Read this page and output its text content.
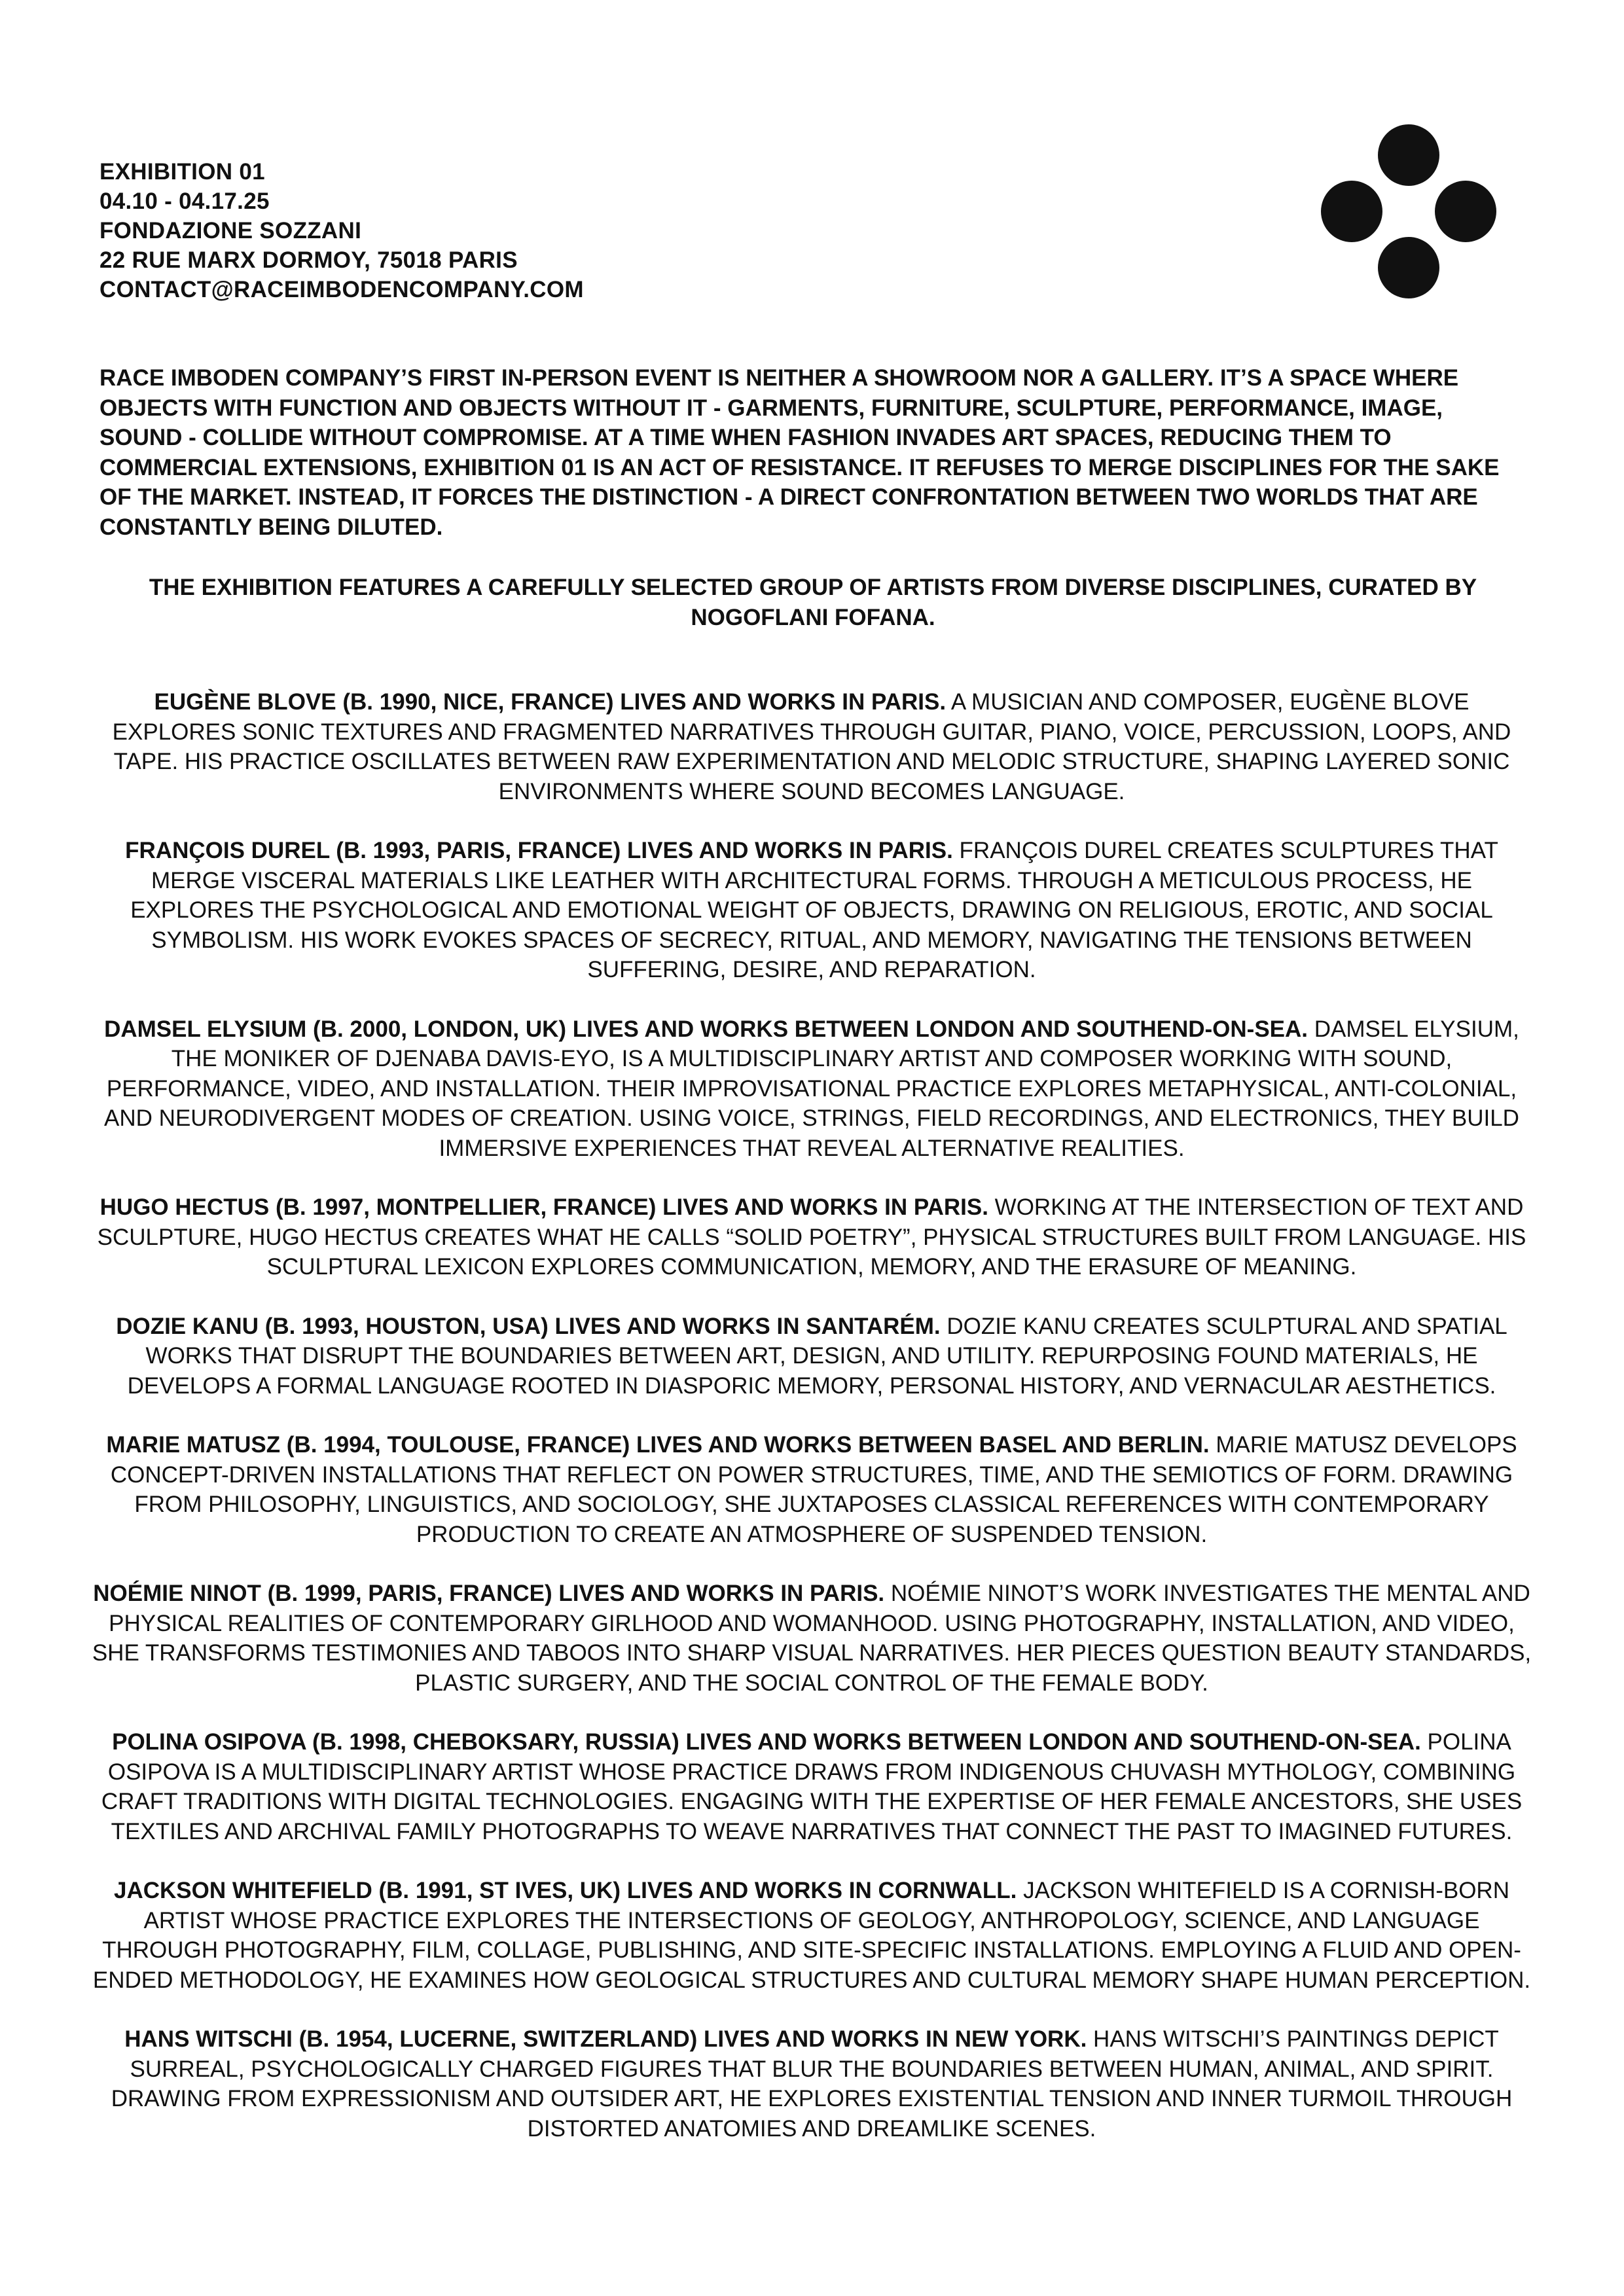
EXHIBITION 01

04.10 - 04.17.25

FONDAZIONE SOZZANI

22 RUE MARX DORMOY, 75018 PARIS

CONTACT@RACEIMBODENCOMPANY.COM

RACE IMBODEN COMPANY’S FIRST IN-PERSON EVENT IS NEITHER A SHOWROOM NOR A GALLERY. IT’S A SPACE WHERE OBJECTS WITH FUNCTION AND OBJECTS WITHOUT IT - GARMENTS, FURNITURE, SCULPTURE, PERFORMANCE, IMAGE, SOUND - COLLIDE WITHOUT COMPROMISE. AT A TIME WHEN FASHION INVADES ART SPACES, REDUCING THEM TO COMMERCIAL EXTENSIONS, EXHIBITION 01 IS AN ACT OF RESISTANCE. IT REFUSES TO MERGE DISCIPLINES FOR THE SAKE OF THE MARKET. INSTEAD, IT FORCES THE DISTINCTION - A DIRECT CONFRONTATION BETWEEN TWO WORLDS THAT ARE CONSTANTLY BEING DILUTED.

THE EXHIBITION FEATURES A CAREFULLY SELECTED GROUP OF ARTISTS FROM DIVERSE DISCIPLINES, CURATED BY NOGOFLANI FOFANA.

EUGÈNE BLOVE (B. 1990, NICE, FRANCE) LIVES AND WORKS IN PARIS. A MUSICIAN AND COMPOSER, EUGÈNE BLOVE EXPLORES SONIC TEXTURES AND FRAGMENTED NARRATIVES THROUGH GUITAR, PIANO, VOICE, PERCUSSION, LOOPS, AND TAPE. HIS PRACTICE OSCILLATES BETWEEN RAW EXPERIMENTATION AND MELODIC STRUCTURE, SHAPING LAYERED SONIC ENVIRONMENTS WHERE SOUND BECOMES LANGUAGE.

FRANÇOIS DUREL (B. 1993, PARIS, FRANCE) LIVES AND WORKS IN PARIS. FRANÇOIS DUREL CREATES SCULPTURES THAT MERGE VISCERAL MATERIALS LIKE LEATHER WITH ARCHITECTURAL FORMS. THROUGH A METICULOUS PROCESS, HE EXPLORES THE PSYCHOLOGICAL AND EMOTIONAL WEIGHT OF OBJECTS, DRAWING ON RELIGIOUS, EROTIC, AND SOCIAL SYMBOLISM. HIS WORK EVOKES SPACES OF SECRECY, RITUAL, AND MEMORY, NAVIGATING THE TENSIONS BETWEEN SUFFERING, DESIRE, AND REPARATION.

DAMSEL ELYSIUM (B. 2000, LONDON, UK) LIVES AND WORKS BETWEEN LONDON AND SOUTHEND-ON-SEA. DAMSEL ELYSIUM, THE MONIKER OF DJENABA DAVIS-EYO, IS A MULTIDISCIPLINARY ARTIST AND COMPOSER WORKING WITH SOUND, PERFORMANCE, VIDEO, AND INSTALLATION. THEIR IMPROVISATIONAL PRACTICE EXPLORES METAPHYSICAL, ANTI-COLONIAL, AND NEURODIVERGENT MODES OF CREATION. USING VOICE, STRINGS, FIELD RECORDINGS, AND ELECTRONICS, THEY BUILD IMMERSIVE EXPERIENCES THAT REVEAL ALTERNATIVE REALITIES.

HUGO HECTUS (B. 1997, MONTPELLIER, FRANCE) LIVES AND WORKS IN PARIS. WORKING AT THE INTERSECTION OF TEXT AND SCULPTURE, HUGO HECTUS CREATES WHAT HE CALLS “SOLID POETRY”, PHYSICAL STRUCTURES BUILT FROM LANGUAGE. HIS SCULPTURAL LEXICON EXPLORES COMMUNICATION, MEMORY, AND THE ERASURE OF MEANING.

DOZIE KANU (B. 1993, HOUSTON, USA) LIVES AND WORKS IN SANTARÉM. DOZIE KANU CREATES SCULPTURAL AND SPATIAL WORKS THAT DISRUPT THE BOUNDARIES BETWEEN ART, DESIGN, AND UTILITY. REPURPOSING FOUND MATERIALS, HE DEVELOPS A FORMAL LANGUAGE ROOTED IN DIASPORIC MEMORY, PERSONAL HISTORY, AND VERNACULAR AESTHETICS.

MARIE MATUSZ (B. 1994, TOULOUSE, FRANCE) LIVES AND WORKS BETWEEN BASEL AND BERLIN. MARIE MATUSZ DEVELOPS CONCEPT-DRIVEN INSTALLATIONS THAT REFLECT ON POWER STRUCTURES, TIME, AND THE SEMIOTICS OF FORM. DRAWING FROM PHILOSOPHY, LINGUISTICS, AND SOCIOLOGY, SHE JUXTAPOSES CLASSICAL REFERENCES WITH CONTEMPORARY PRODUCTION TO CREATE AN ATMOSPHERE OF SUSPENDED TENSION.

NOÉMIE NINOT (B. 1999, PARIS, FRANCE) LIVES AND WORKS IN PARIS. NOÉMIE NINOT’S WORK INVESTIGATES THE MENTAL AND PHYSICAL REALITIES OF CONTEMPORARY GIRLHOOD AND WOMANHOOD. USING PHOTOGRAPHY, INSTALLATION, AND VIDEO, SHE TRANSFORMS TESTIMONIES AND TABOOS INTO SHARP VISUAL NARRATIVES. HER PIECES QUESTION BEAUTY STANDARDS, PLASTIC SURGERY, AND THE SOCIAL CONTROL OF THE FEMALE BODY.

POLINA OSIPOVA (B. 1998, CHEBOKSARY, RUSSIA) LIVES AND WORKS BETWEEN LONDON AND SOUTHEND-ON-SEA. POLINA OSIPOVA IS A MULTIDISCIPLINARY ARTIST WHOSE PRACTICE DRAWS FROM INDIGENOUS CHUVASH MYTHOLOGY, COMBINING CRAFT TRADITIONS WITH DIGITAL TECHNOLOGIES. ENGAGING WITH THE EXPERTISE OF HER FEMALE ANCESTORS, SHE USES TEXTILES AND ARCHIVAL FAMILY PHOTOGRAPHS TO WEAVE NARRATIVES THAT CONNECT THE PAST TO IMAGINED FUTURES.

JACKSON WHITEFIELD (B. 1991, ST IVES, UK) LIVES AND WORKS IN CORNWALL. JACKSON WHITEFIELD IS A CORNISH-BORN ARTIST WHOSE PRACTICE EXPLORES THE INTERSECTIONS OF GEOLOGY, ANTHROPOLOGY, SCIENCE, AND LANGUAGE THROUGH PHOTOGRAPHY, FILM, COLLAGE, PUBLISHING, AND SITE-SPECIFIC INSTALLATIONS. EMPLOYING A FLUID AND OPEN-ENDED METHODOLOGY, HE EXAMINES HOW GEOLOGICAL STRUCTURES AND CULTURAL MEMORY SHAPE HUMAN PERCEPTION.

HANS WITSCHI (B. 1954, LUCERNE, SWITZERLAND) LIVES AND WORKS IN NEW YORK. HANS WITSCHI’S PAINTINGS DEPICT SURREAL, PSYCHOLOGICALLY CHARGED FIGURES THAT BLUR THE BOUNDARIES BETWEEN HUMAN, ANIMAL, AND SPIRIT. DRAWING FROM EXPRESSIONISM AND OUTSIDER ART, HE EXPLORES EXISTENTIAL TENSION AND INNER TURMOIL THROUGH DISTORTED ANATOMIES AND DREAMLIKE SCENES.
